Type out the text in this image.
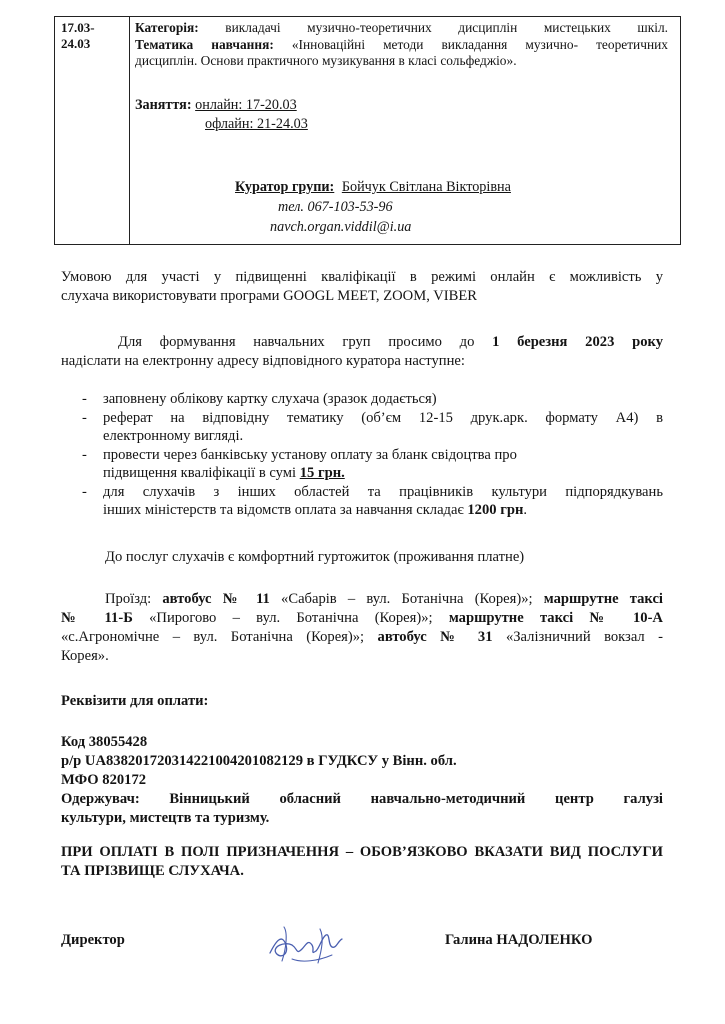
17.03-
24.03
Категорія: викладачі музично-теоретичних дисциплін мистецьких шкіл.
Тематика навчання: «Інноваційні методи викладання музично- теоретичних
дисциплін. Основи практичного музикування в класі сольфеджіо».
Заняття: онлайн: 17-20.03
офлайн: 21-24.03
Куратор групи: Бойчук Світлана Вікторівна
тел. 067-103-53-96
navch.organ.viddil@i.ua
Умовою для участі у підвищенні кваліфікації в режимі онлайн є можливість у
слухача використовувати програми GOOGL MEET, ZOOM, VIBER
Для формування навчальних груп просимо до 1 березня 2023 року
надіслати на електронну адресу відповідного куратора наступне:
- заповнену облікову картку слухача (зразок додається)
- реферат на відповідну тематику (об’єм 12-15 друк.арк. формату А4) в
електронному вигляді.
- провести через банківську установу оплату за бланк свідоцтва про
підвищення кваліфікації в сумі 15 грн.
- для слухачів з інших областей та працівників культури підпорядкувань
інших міністерств та відомств оплата за навчання складає 1200 грн.
До послуг слухачів є комфортний гуртожиток (проживання платне)
Проїзд: автобус № 11 «Сабарів – вул. Ботанічна (Корея)»; маршрутне таксі
№ 11-Б «Пирогово – вул. Ботанічна (Корея)»; маршрутне таксі № 10-А
«с.Агрономічне – вул. Ботанічна (Корея)»; автобус № 31 «Залізничний вокзал -
Корея».
Реквізити для оплати:
Код 38055428
р/р UA838201720314221004201082129 в ГУДКСУ у Вінн. обл.
МФО 820172
Одержувач: Вінницький обласний навчально-методичний центр галузі
культури, мистецтв та туризму.
ПРИ ОПЛАТІ В ПОЛІ ПРИЗНАЧЕННЯ – ОБОВ’ЯЗКОВО ВКАЗАТИ ВИД ПОСЛУГИ
ТА ПРІЗВИЩЕ СЛУХАЧА.
Директор	Галина НАДОЛЕНКО
